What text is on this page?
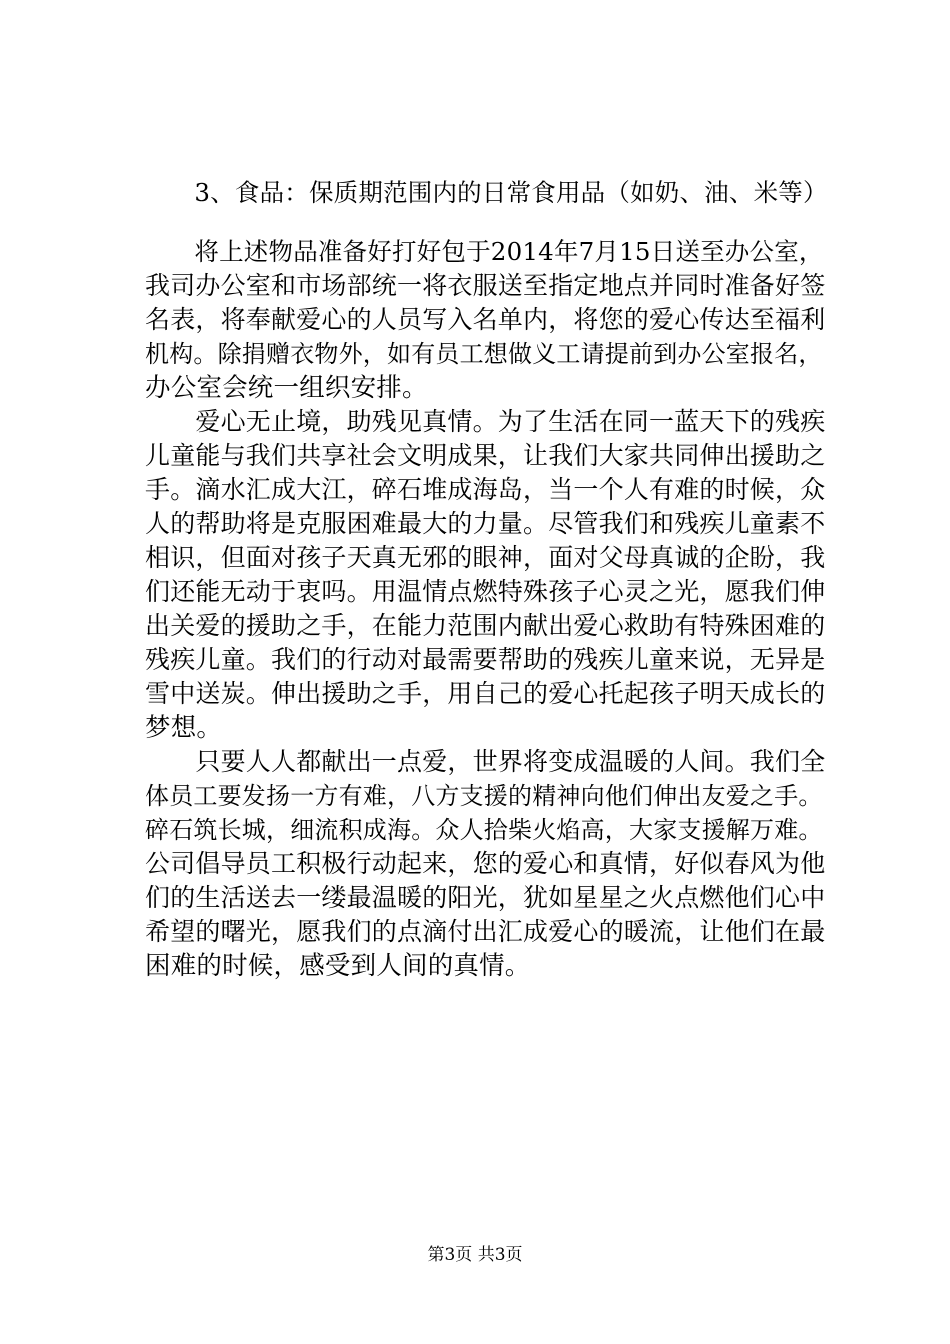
　　3、食品：保质期范围内的日常食用品（如奶、油、米等）
　　将上述物品准备好打好包于2014年7月15日送至办公室，
我司办公室和市场部统一将衣服送至指定地点并同时准备好签
名表，将奉献爱心的人员写入名单内，将您的爱心传达至福利
机构。除捐赠衣物外，如有员工想做义工请提前到办公室报名，
办公室会统一组织安排。
　　爱心无止境，助残见真情。为了生活在同一蓝天下的残疾
儿童能与我们共享社会文明成果，让我们大家共同伸出援助之
手。滴水汇成大江，碎石堆成海岛，当一个人有难的时候，众
人的帮助将是克服困难最大的力量。尽管我们和残疾儿童素不
相识，但面对孩子天真无邪的眼神，面对父母真诚的企盼，我
们还能无动于衷吗。用温情点燃特殊孩子心灵之光，愿我们伸
出关爱的援助之手，在能力范围内献出爱心救助有特殊困难的
残疾儿童。我们的行动对最需要帮助的残疾儿童来说，无异是
雪中送炭。伸出援助之手，用自己的爱心托起孩子明天成长的
梦想。
　　只要人人都献出一点爱，世界将变成温暖的人间。我们全
体员工要发扬一方有难，八方支援的精神向他们伸出友爱之手。
碎石筑长城，细流积成海。众人拾柴火焰高，大家支援解万难。
公司倡导员工积极行动起来，您的爱心和真情，好似春风为他
们的生活送去一缕最温暖的阳光，犹如星星之火点燃他们心中
希望的曙光，愿我们的点滴付出汇成爱心的暖流，让他们在最
困难的时候，感受到人间的真情。
第3页 共3页
